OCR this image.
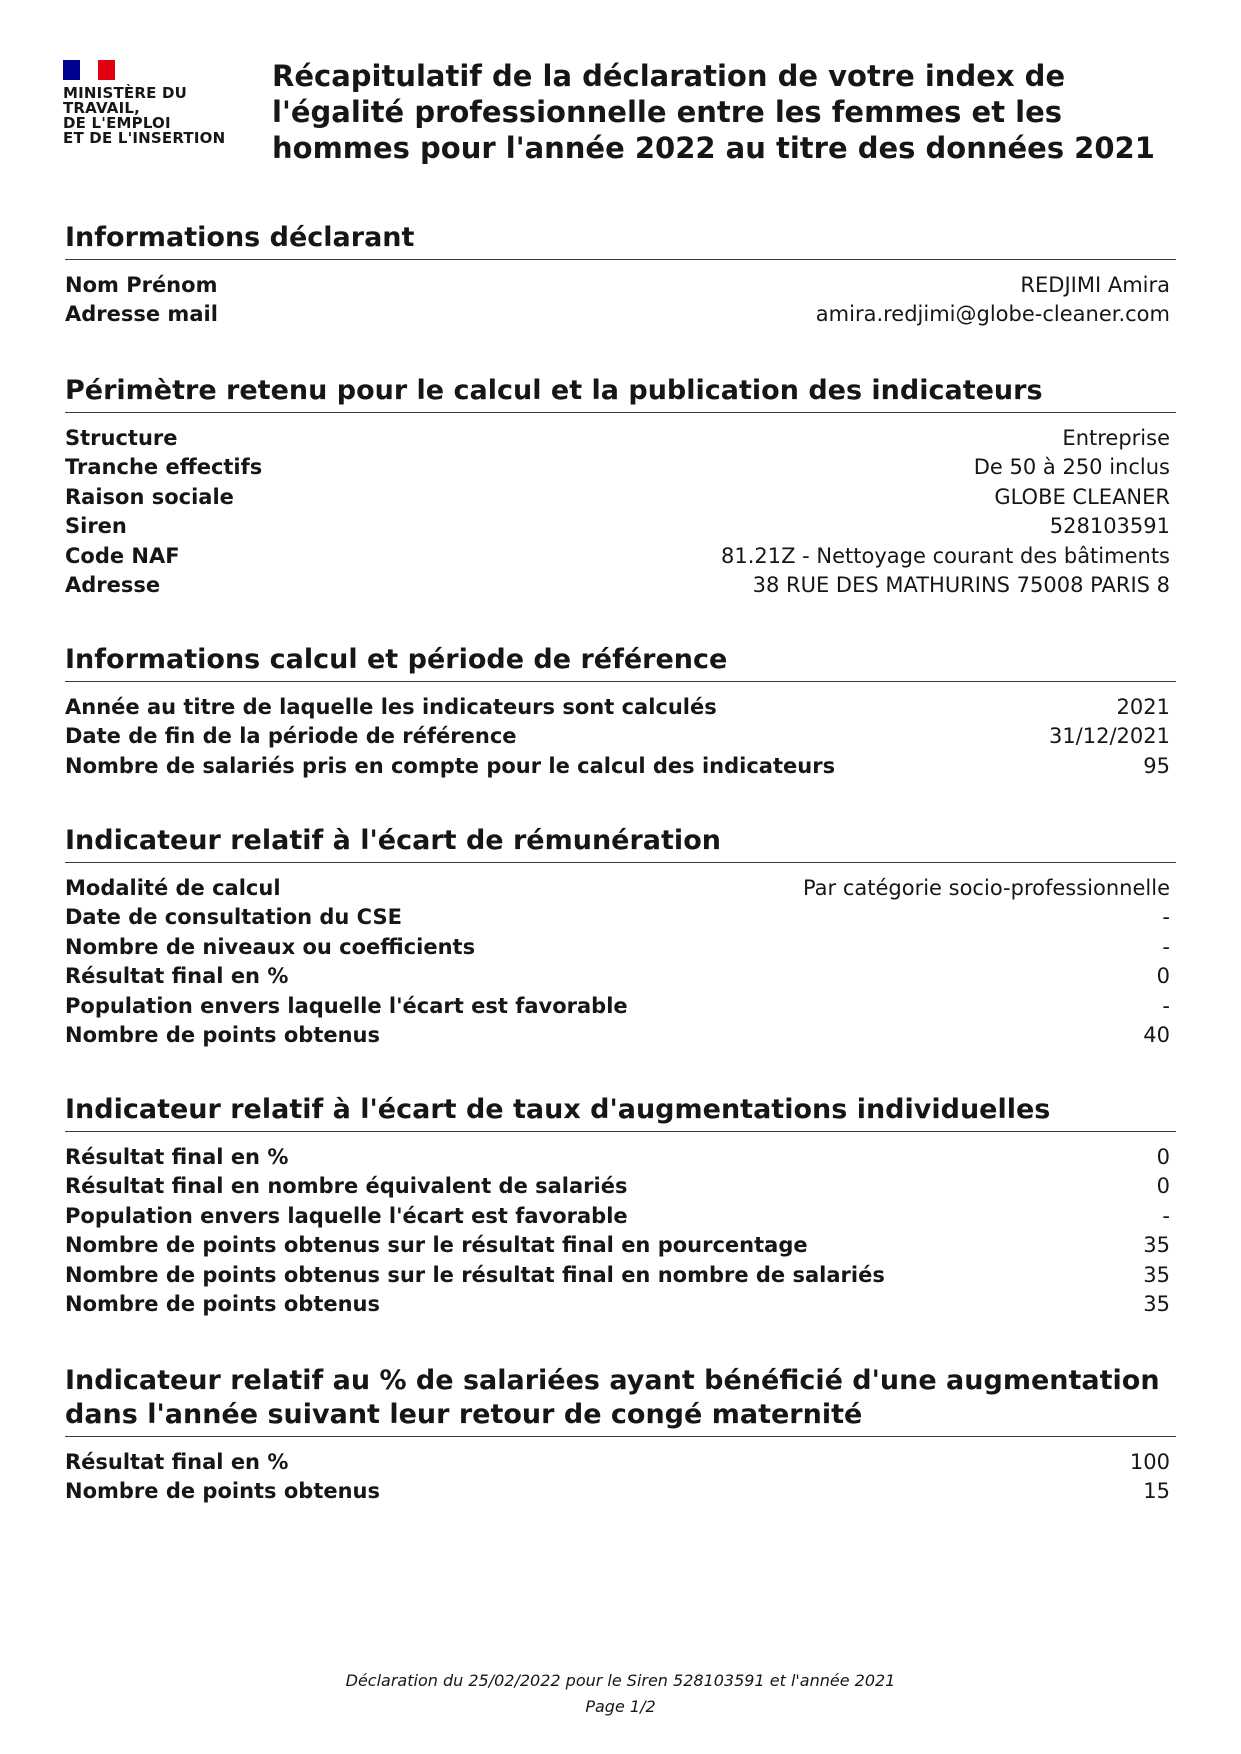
MINISTÈRE DU
TRAVAIL,
DE L'EMPLOI
ET DE L'INSERTION
Récapitulatif de la déclaration de votre index de l'égalité professionnelle entre les femmes et les hommes pour l'année 2022 au titre des données 2021
Informations déclarant
Nom Prénom	REDJIMI Amira
Adresse mail	amira.redjimi@globe-cleaner.com
Périmètre retenu pour le calcul et la publication des indicateurs
Structure	Entreprise
Tranche effectifs	De 50 à 250 inclus
Raison sociale	GLOBE CLEANER
Siren	528103591
Code NAF	81.21Z - Nettoyage courant des bâtiments
Adresse	38 RUE DES MATHURINS 75008 PARIS 8
Informations calcul et période de référence
Année au titre de laquelle les indicateurs sont calculés	2021
Date de fin de la période de référence	31/12/2021
Nombre de salariés pris en compte pour le calcul des indicateurs	95
Indicateur relatif à l'écart de rémunération
Modalité de calcul	Par catégorie socio-professionnelle
Date de consultation du CSE	-
Nombre de niveaux ou coefficients	-
Résultat final en %	0
Population envers laquelle l'écart est favorable	-
Nombre de points obtenus	40
Indicateur relatif à l'écart de taux d'augmentations individuelles
Résultat final en %	0
Résultat final en nombre équivalent de salariés	0
Population envers laquelle l'écart est favorable	-
Nombre de points obtenus sur le résultat final en pourcentage	35
Nombre de points obtenus sur le résultat final en nombre de salariés	35
Nombre de points obtenus	35
Indicateur relatif au % de salariées ayant bénéficié d'une augmentation dans l'année suivant leur retour de congé maternité
Résultat final en %	100
Nombre de points obtenus	15
Déclaration du 25/02/2022 pour le Siren 528103591 et l'année 2021
Page 1/2
